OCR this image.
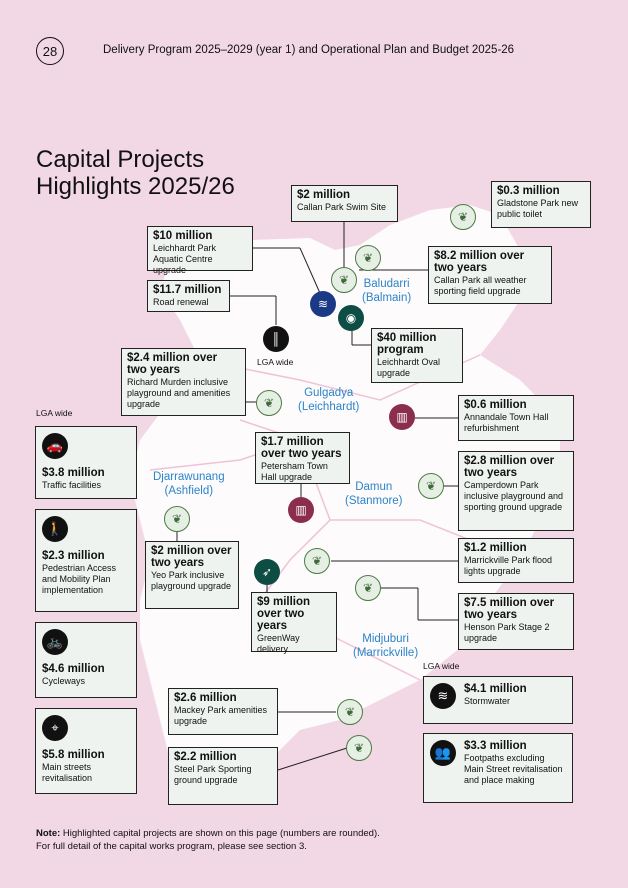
28	Delivery Program 2025–2029 (year 1) and Operational Plan and Budget 2025-26
Capital Projects
Highlights 2025/26
Baludarri
(Balmain)
Gulgadya
(Leichhardt)
Djarrawunang
(Ashfield)	Damun
(Stanmore)
Midjuburi
(Marrickville)
LGA wide
LGA wide
LGA wide
❦
❦
❦
≋
◉
║
❦
▥
▥
❦
❦
❦
➶
❦
❦
❦
$2 million
Callan Park Swim Site
$0.3 million
Gladstone Park new public toilet
$10 million
Leichhardt Park Aquatic Centre upgrade
$8.2 million over two years
Callan Park all weather sporting field upgrade
$11.7 million
Road renewal
$40 million program
Leichhardt Oval upgrade
$2.4 million over two years
Richard Murden inclusive playground and amenities upgrade	$0.6 million
Annandale Town Hall refurbishment
$1.7 million over two years
Petersham Town Hall upgrade
$2.8 million over two years
Camperdown Park inclusive playground and sporting ground upgrade
$2 million over two years
Yeo Park inclusive playground upgrade
$1.2 million
Marrickville Park flood lights upgrade
$9 million over two years
GreenWay delivery
$7.5 million over two years
Henson Park Stage 2 upgrade
$2.6 million
Mackey Park amenities upgrade
$2.2 million
Steel Park Sporting ground upgrade
🚗
$3.8 million
Traffic facilities
🚶
$2.3 million
Pedestrian Access and Mobility Plan implementation
🚲
$4.6 million
Cycleways
⌖
$5.8 million
Main streets revitalisation
≋	$4.1 million
Stormwater
👥	$3.3 million
Footpaths excluding Main Street revitalisation and place making
Note: Highlighted capital projects are shown on this page (numbers are rounded).
For full detail of the capital works program, please see section 3.
